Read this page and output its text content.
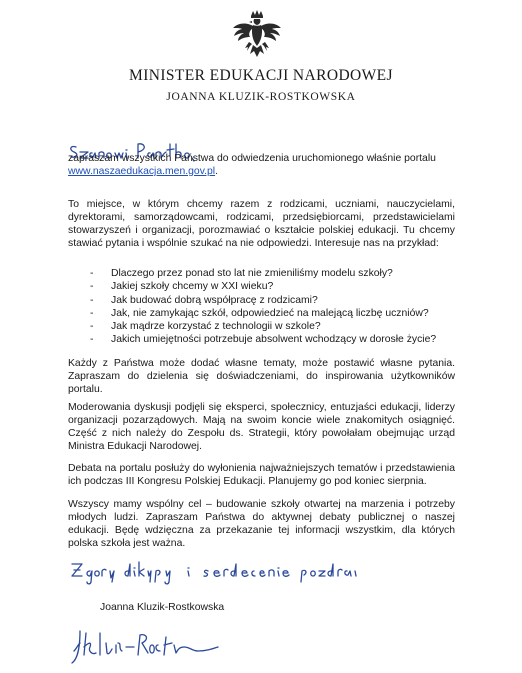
MINISTER EDUKACJI NARODOWEJ
JOANNA KLUZIK-ROSTKOWSKA

zapraszam wszystkich Państwa do odwiedzenia uruchomionego właśnie portalu
www.naszaedukacja.men.gov.pl.

To miejsce, w którym chcemy razem z rodzicami, uczniami, nauczycielami, dyrektorami, samorządowcami, rodzicami, przedsiębiorcami, przedstawicielami stowarzyszeń i organizacji, porozmawiać o kształcie polskiej edukacji. Tu chcemy stawiać pytania i wspólnie szukać na nie odpowiedzi. Interesuje nas na przykład:

- Dlaczego przez ponad sto lat nie zmieniliśmy modelu szkoły?
- Jakiej szkoły chcemy w XXI wieku?
- Jak budować dobrą współpracę z rodzicami?
- Jak, nie zamykając szkół, odpowiedzieć na malejącą liczbę uczniów?
- Jak mądrze korzystać z technologii w szkole?
- Jakich umiejętności potrzebuje absolwent wchodzący w dorosłe życie?

Każdy z Państwa może dodać własne tematy, może postawić własne pytania. Zapraszam do dzielenia się doświadczeniami, do inspirowania użytkowników portalu.

Moderowania dyskusji podjęli się eksperci, społecznicy, entuzjaści edukacji, liderzy organizacji pozarządowych. Mają na swoim koncie wiele znakomitych osiągnięć. Część z nich należy do Zespołu ds. Strategii, który powołałam obejmując urząd Ministra Edukacji Narodowej.

Debata na portalu posłuży do wyłonienia najważniejszych tematów i przedstawienia ich podczas III Kongresu Polskiej Edukacji. Planujemy go pod koniec sierpnia.

Wszyscy mamy wspólny cel – budowanie szkoły otwartej na marzenia i potrzeby młodych ludzi. Zapraszam Państwa do aktywnej debaty publicznej o naszej edukacji. Będę wdzięczna za przekazanie tej informacji wszystkim, dla których polska szkoła jest ważna.

Joanna Kluzik-Rostkowska
